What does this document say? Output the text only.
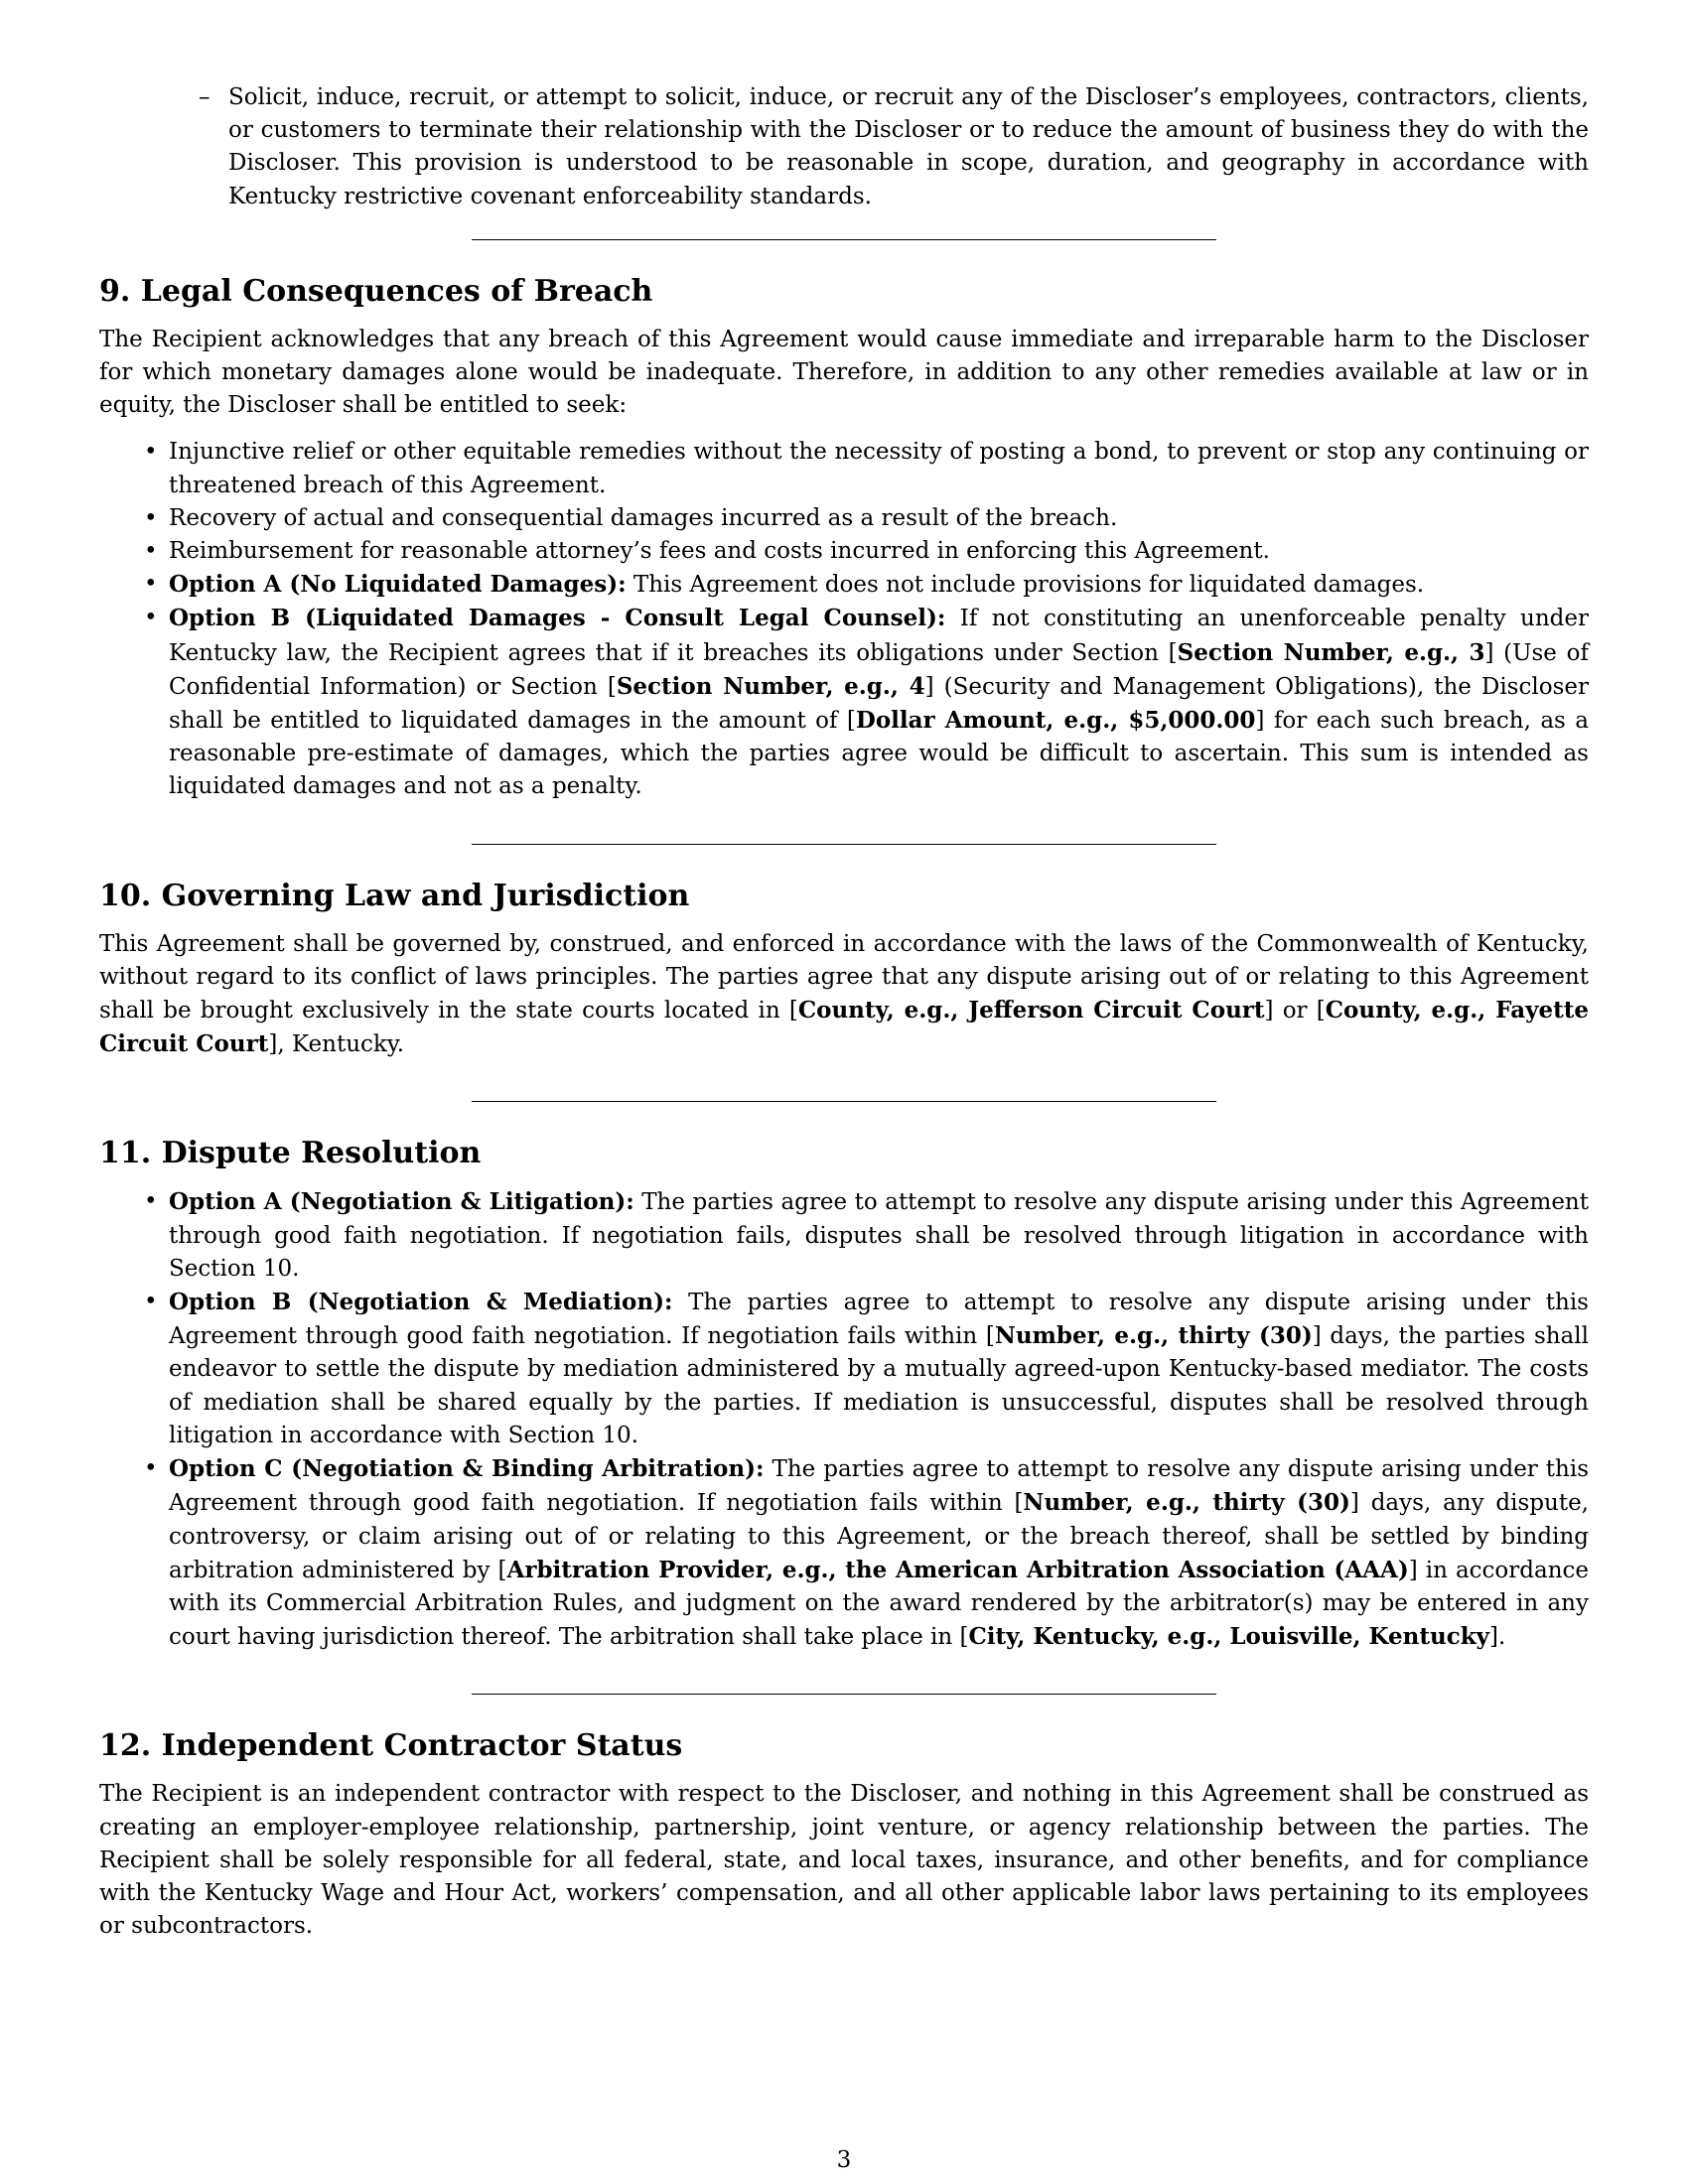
– Solicit, induce, recruit, or attempt to solicit, induce, or recruit any of the Discloser’s employees, contractors, clients, or customers to terminate their relationship with the Discloser or to reduce the amount of business they do with the Discloser. This provision is understood to be reasonable in scope, duration, and geography in accordance with Kentucky restrictive covenant enforceability standards.
9. Legal Consequences of Breach

The Recipient acknowledges that any breach of this Agreement would cause immediate and irreparable harm to the Discloser for which monetary damages alone would be inadequate. Therefore, in addition to any other remedies available at law or in equity, the Discloser shall be entitled to seek:

• Injunctive relief or other equitable remedies without the necessity of posting a bond, to prevent or stop any continuing or threatened breach of this Agreement.
• Recovery of actual and consequential damages incurred as a result of the breach.
• Reimbursement for reasonable attorney’s fees and costs incurred in enforcing this Agreement.
• Option A (No Liquidated Damages): This Agreement does not include provisions for liquidated damages.
• Option B (Liquidated Damages - Consult Legal Counsel): If not constituting an unenforceable penalty under Kentucky law, the Recipient agrees that if it breaches its obligations under Section [Section Number, e.g., 3] (Use of Confidential Information) or Section [Section Number, e.g., 4] (Security and Management Obligations), the Discloser shall be entitled to liquidated damages in the amount of [Dollar Amount, e.g., $5,000.00] for each such breach, as a reasonable pre-estimate of damages, which the parties agree would be difficult to ascertain. This sum is intended as liquidated damages and not as a penalty.
10. Governing Law and Jurisdiction

This Agreement shall be governed by, construed, and enforced in accordance with the laws of the Commonwealth of Kentucky, without regard to its conflict of laws principles. The parties agree that any dispute arising out of or relating to this Agreement shall be brought exclusively in the state courts located in [County, e.g., Jefferson Circuit Court] or [County, e.g., Fayette Circuit Court], Kentucky.

11. Dispute Resolution
• Option A (Negotiation & Litigation): The parties agree to attempt to resolve any dispute arising under this Agreement through good faith negotiation. If negotiation fails, disputes shall be resolved through litigation in accordance with Section 10.
• Option B (Negotiation & Mediation): The parties agree to attempt to resolve any dispute arising under this Agreement through good faith negotiation. If negotiation fails within [Number, e.g., thirty (30)] days, the parties shall endeavor to settle the dispute by mediation administered by a mutually agreed-upon Kentucky-based mediator. The costs of mediation shall be shared equally by the parties. If mediation is unsuccessful, disputes shall be resolved through litigation in accordance with Section 10.
• Option C (Negotiation & Binding Arbitration): The parties agree to attempt to resolve any dispute arising under this Agreement through good faith negotiation. If negotiation fails within [Number, e.g., thirty (30)] days, any dispute, controversy, or claim arising out of or relating to this Agreement, or the breach thereof, shall be settled by binding arbitration administered by [Arbitration Provider, e.g., the American Arbitration Association (AAA)] in accordance with its Commercial Arbitration Rules, and judgment on the award rendered by the arbitrator(s) may be entered in any court having jurisdiction thereof. The arbitration shall take place in [City, Kentucky, e.g., Louisville, Kentucky].
12. Independent Contractor Status

The Recipient is an independent contractor with respect to the Discloser, and nothing in this Agreement shall be construed as creating an employer-employee relationship, partnership, joint venture, or agency relationship between the parties. The Recipient shall be solely responsible for all federal, state, and local taxes, insurance, and other benefits, and for compliance with the Kentucky Wage and Hour Act, workers’ compensation, and all other applicable labor laws pertaining to its employees or subcontractors.

3
